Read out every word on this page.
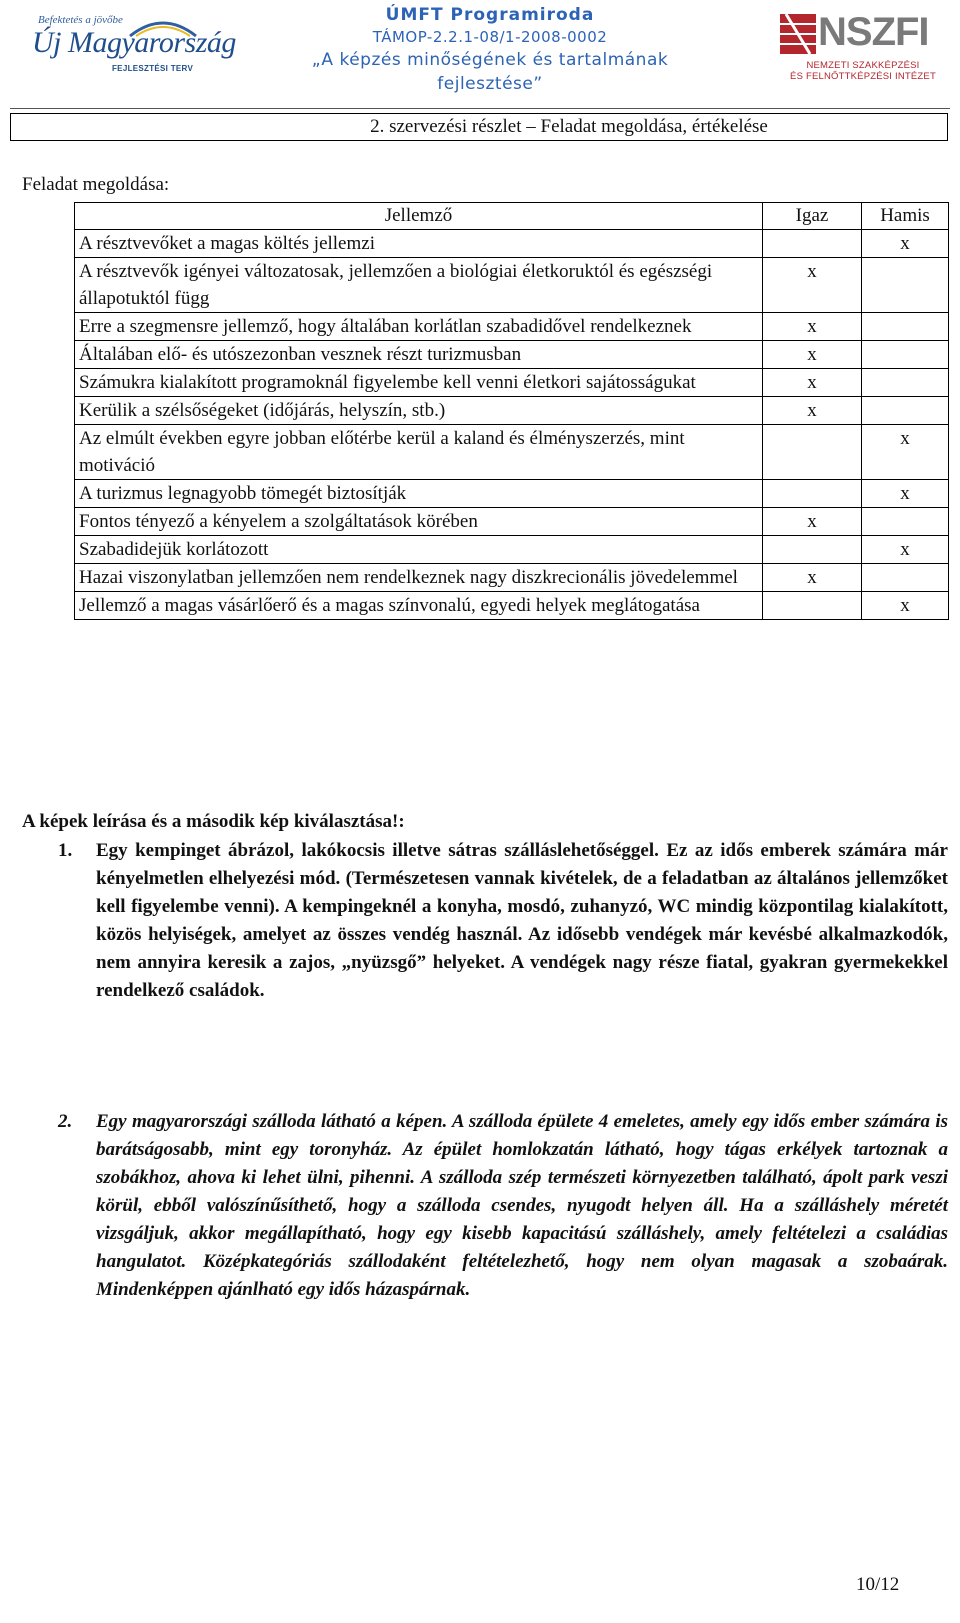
Befektetés a jövőbe
Új Magyarország
FEJLESZTÉSI TERV
ÚMFT Programiroda
TÁMOP-2.2.1-08/1-2008-0002
„A képzés minőségének és tartalmának
fejlesztése”
NSZFI
NEMZETI SZAKKÉPZÉSI
ÉS FELNŐTTKÉPZÉSI INTÉZET
2. szervezési részlet – Feladat megoldása, értékelése
Feladat megoldása:
Jellemző	Igaz	Hamis
A résztvevőket a magas költés jellemzi		x
A résztvevők igényei változatosak, jellemzően a biológiai életkoruktól és egészségi állapotuktól függ	x	
Erre a szegmensre jellemző, hogy általában korlátlan szabadidővel rendelkeznek	x	
Általában elő- és utószezonban vesznek részt turizmusban	x	
Számukra kialakított programoknál figyelembe kell venni életkori sajátosságukat	x	
Kerülik a szélsőségeket (időjárás, helyszín, stb.)	x	
Az elmúlt években egyre jobban előtérbe kerül a kaland és élményszerzés, mint motiváció		x
A turizmus legnagyobb tömegét biztosítják		x
Fontos tényező a kényelem a szolgáltatások körében	x	
Szabadidejük korlátozott		x
Hazai viszonylatban jellemzően nem rendelkeznek nagy diszkrecionális jövedelemmel	x	
Jellemző a magas vásárlőerő és a magas színvonalú, egyedi helyek meglátogatása		x
A képek leírása és a második kép kiválasztása!:
1. Egy kempinget ábrázol, lakókocsis illetve sátras szálláslehetőséggel. Ez az idős emberek számára már kényelmetlen elhelyezési mód. (Természetesen vannak kivételek, de a feladatban az általános jellemzőket kell figyelembe venni). A kempingeknél a konyha, mosdó, zuhanyzó, WC mindig központilag kialakított, közös helyiségek, amelyet az összes vendég használ. Az idősebb vendégek már kevésbé alkalmazkodók, nem annyira keresik a zajos, „nyüzsgő” helyeket. A vendégek nagy része fiatal, gyakran gyermekekkel rendelkező családok.
2. Egy magyarországi szálloda látható a képen. A szálloda épülete 4 emeletes, amely egy idős ember számára is barátságosabb, mint egy toronyház. Az épület homlokzatán látható, hogy tágas erkélyek tartoznak a szobákhoz, ahova ki lehet ülni, pihenni. A szálloda szép természeti környezetben található, ápolt park veszi körül, ebből valószínűsíthető, hogy a szálloda csendes, nyugodt helyen áll. Ha a szálláshely méretét vizsgáljuk, akkor megállapítható, hogy egy kisebb kapacitású szálláshely, amely feltételezi a családias hangulatot. Középkategóriás szállodaként feltételezhető, hogy nem olyan magasak a szobaárak. Mindenképpen ajánlható egy idős házaspárnak.
10/12
